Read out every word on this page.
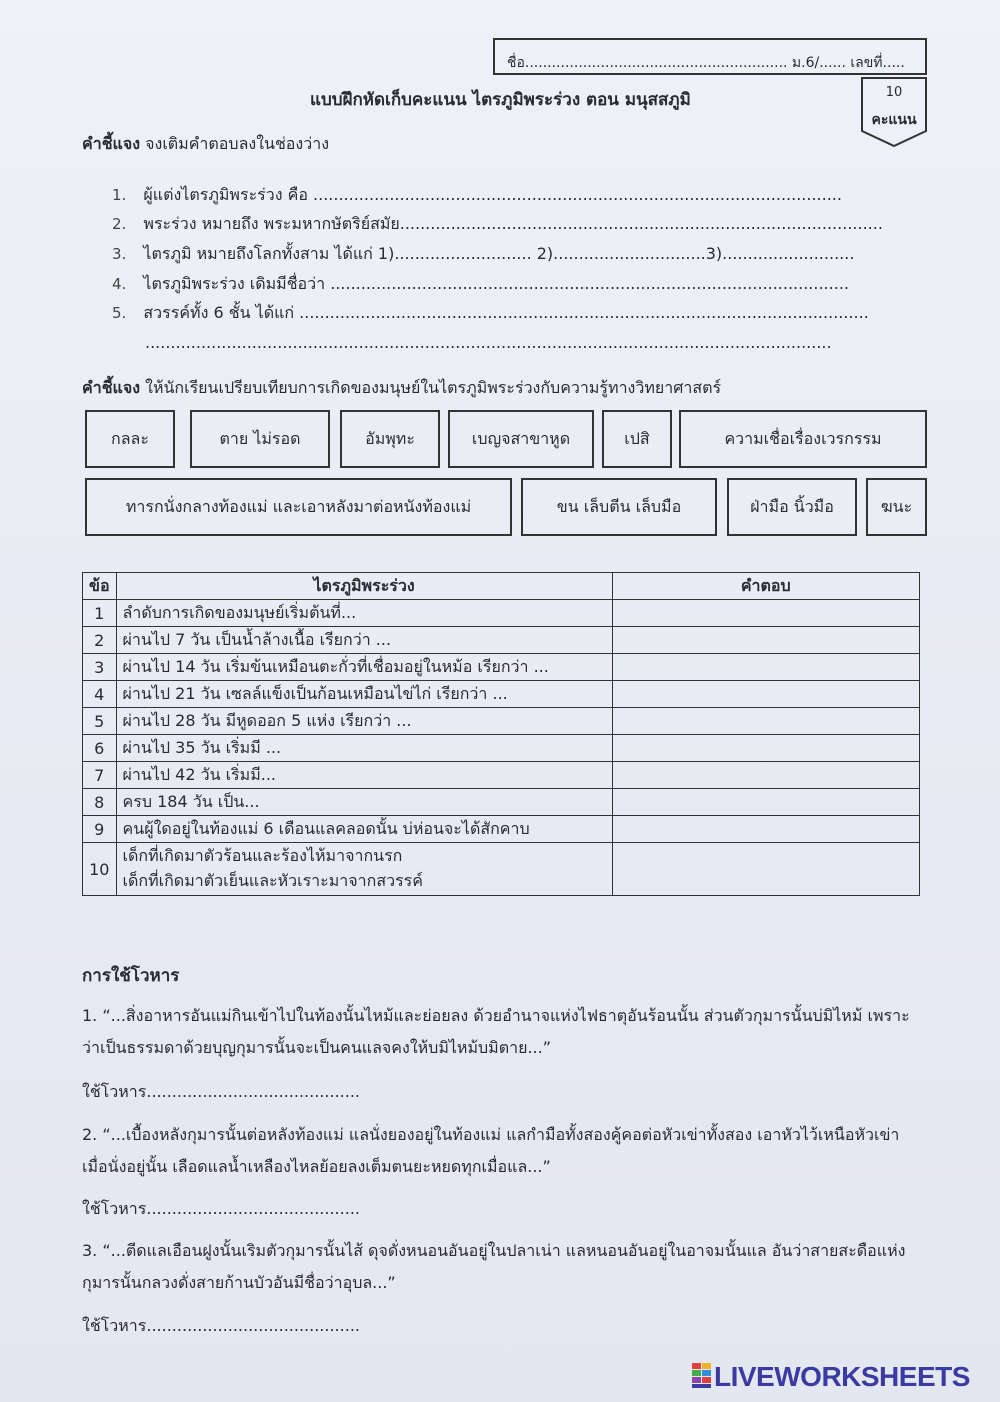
ชื่อ........................................................... ม.6/...... เลขที่.....
แบบฝึกหัดเก็บคะแนน ไตรภูมิพระร่วง ตอน มนุสสภูมิ	10
คะแนน
คำชี้แจง จงเติมคำตอบลงในช่องว่าง
1. ผู้แต่งไตรภูมิพระร่วง คือ ........................................................................................................
2. พระร่วง หมายถึง พระมหากษัตริย์สมัย...............................................................................................
3. ไตรภูมิ หมายถึงโลกทั้งสาม ได้แก่ 1)........................... 2)..............................3)..........................
4. ไตรภูมิพระร่วง เดิมมีชื่อว่า ......................................................................................................
5. สวรรค์ทั้ง 6 ชั้น ได้แก่ ................................................................................................................
.......................................................................................................................................
คำชี้แจง ให้นักเรียนเปรียบเทียบการเกิดของมนุษย์ในไตรภูมิพระร่วงกับความรู้ทางวิทยาศาสตร์
กลละ	ตาย ไม่รอด	อัมพุทะ	เบญจสาขาหูด	เปสิ	ความเชื่อเรื่องเวรกรรม
ทารกนั่งกลางท้องแม่ และเอาหลังมาต่อหนังท้องแม่	ขน เล็บตีน เล็บมือ	ฝ่ามือ นิ้วมือ	ฆนะ
ข้อ	ไตรภูมิพระร่วง	คำตอบ
1	ลำดับการเกิดของมนุษย์เริ่มต้นที่...	
2	ผ่านไป 7 วัน เป็นน้ำล้างเนื้อ เรียกว่า ...	
3	ผ่านไป 14 วัน เริ่มข้นเหมือนตะกั่วที่เชื่อมอยู่ในหม้อ เรียกว่า ...	
4	ผ่านไป 21 วัน เซลล์แข็งเป็นก้อนเหมือนไข่ไก่ เรียกว่า ...	
5	ผ่านไป 28 วัน มีหูดออก 5 แห่ง เรียกว่า ...	
6	ผ่านไป 35 วัน เริ่มมี ...	
7	ผ่านไป 42 วัน เริ่มมี...	
8	ครบ 184 วัน เป็น...	
9	คนผู้ใดอยู่ในท้องแม่ 6 เดือนแลคลอดนั้น บ่ห่อนจะได้สักคาบ	
10	เด็กที่เกิดมาตัวร้อนและร้องไห้มาจากนรก
เด็กที่เกิดมาตัวเย็นและหัวเราะมาจากสวรรค์	

การใช้โวหาร
1. “...สิ่งอาหารอันแม่กินเข้าไปในท้องนั้นไหม้และย่อยลง ด้วยอำนาจแห่งไฟธาตุอันร้อนนั้น ส่วนตัวกุมารนั้นบ่มิไหม้ เพราะว่าเป็นธรรมดาด้วยบุญกุมารนั้นจะเป็นคนแลจคงให้บมิไหม้บมิตาย...”
ใช้โวหาร..........................................
2. “...เบื้องหลังกุมารนั้นต่อหลังท้องแม่ แลนั่งยองอยู่ในท้องแม่ แลกำมือทั้งสองคู้คอต่อหัวเข่าทั้งสอง เอาหัวไว้เหนือหัวเข่าเมื่อนั่งอยู่นั้น เลือดแลน้ำเหลืองไหลย้อยลงเต็มตนยะหยดทุกเมื่อแล...”
ใช้โวหาร..........................................
3. “...ตีดแลเอือนฝูงนั้นเริมตัวกุมารนั้นไส้ ดุจดั่งหนอนอันอยู่ในปลาเน่า แลหนอนอันอยู่ในอาจมนั้นแล อันว่าสายสะดือแห่งกุมารนั้นกลวงดั่งสายก้านบัวอันมีชื่อว่าอุบล...”
ใช้โวหาร..........................................
LIVEWORKSHEETS
